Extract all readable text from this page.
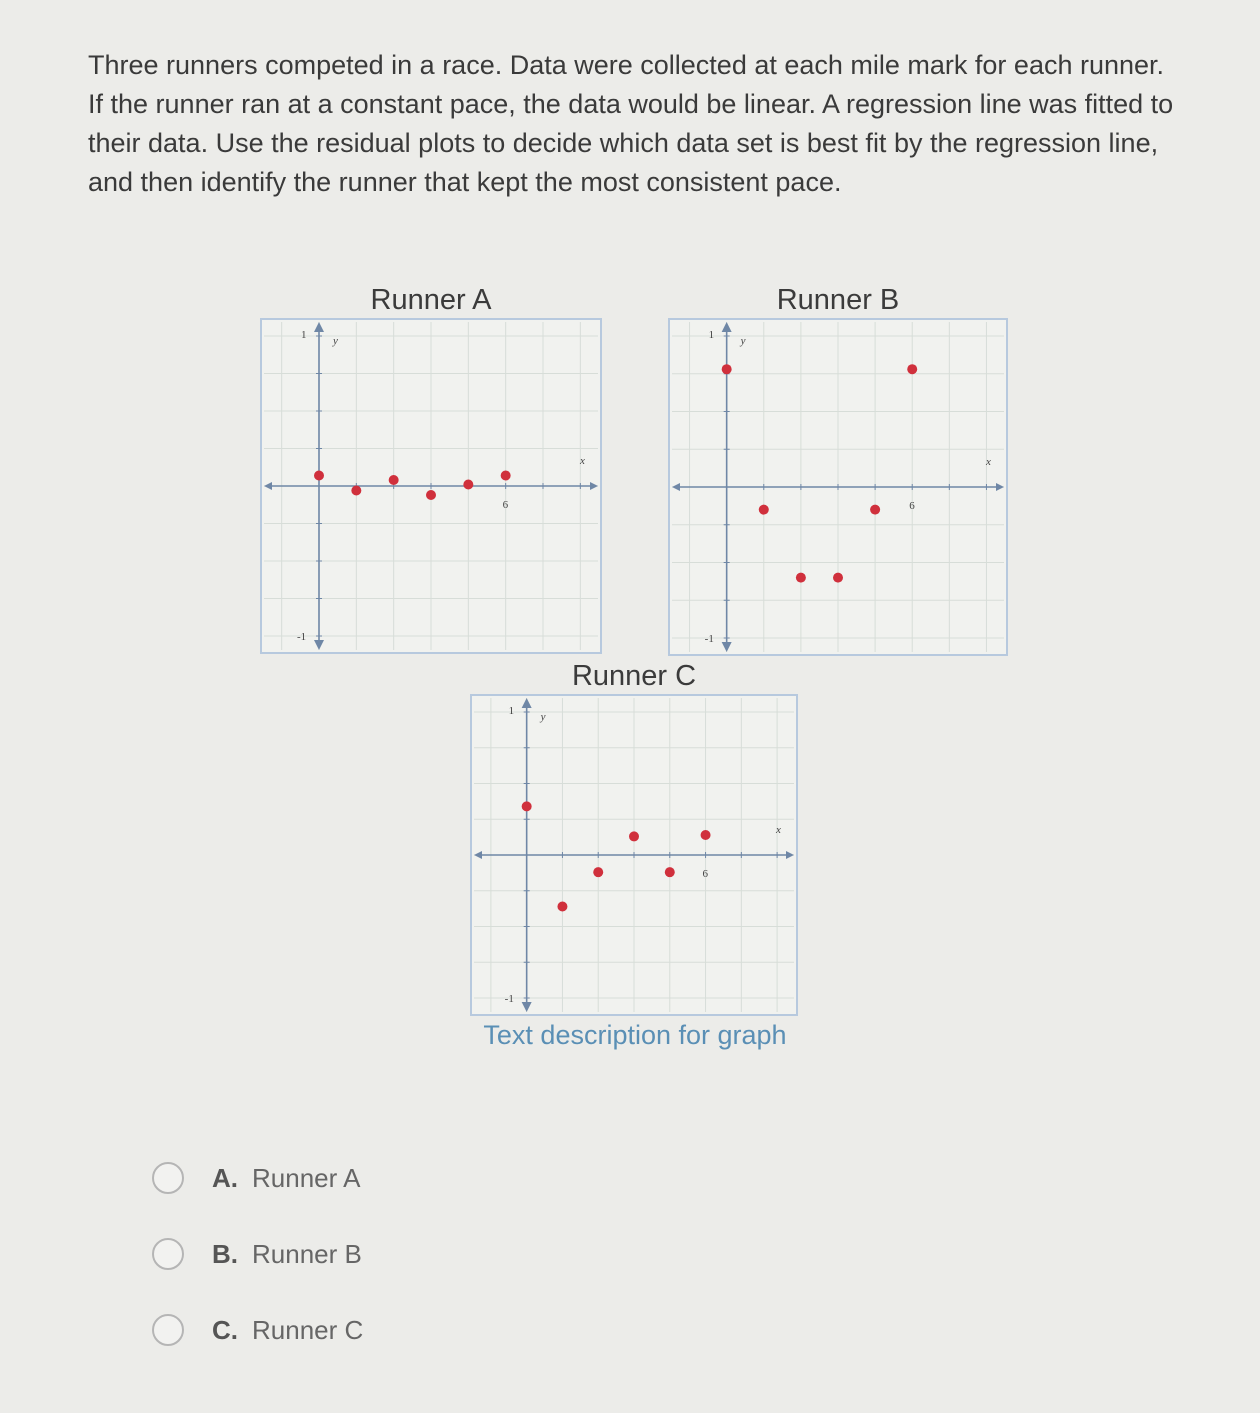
Three runners competed in a race. Data were collected at each mile mark for each runner. If the runner ran at a constant pace, the data would be linear. A regression line was fitted to their data. Use the residual plots to decide which data set is best fit by the regression line, and then identify the runner that kept the most consistent pace.

Runner A
1
-1
y
x
6
Runner B
1
-1
y
x
6
Runner C
1
-1
y
x
6
Text description for graph
A. Runner A
B. Runner B
C. Runner C
